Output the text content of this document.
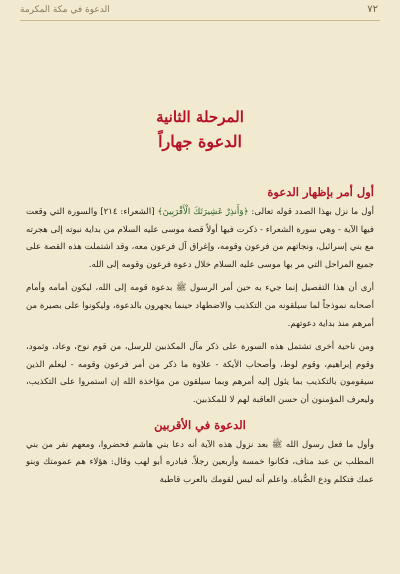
٧٢
الدعوة في مكة المكرمة
المرحلة الثانية
الدعوة جهاراً
أول أمر بإظهار الدعوة

أول ما نزل بهذا الصدد قوله تعالى: ﴿وَأَنذِرْ عَشِيرَتَكَ الْأَقْرَبِينَ﴾ [الشعراء: ٢١٤] والسورة التي وقعت فيها الآية - وهي سورة الشعراء - ذكرت فيها أولاً قصة موسى عليه السلام من بداية نبوته إلى هجرته مع بني إسرائيل، ونجاتهم من فرعون وقومه، وإغراق آل فرعون معه، وقد اشتملت هذه القصة على جميع المراحل التي مر بها موسى عليه السلام خلال دعوة فرعون وقومه إلى الله.

أرى أن هذا التفصيل إنما جيء به حين أمر الرسول ﷺ بدعوة قومه إلى الله، ليكون أمامه وأمام أصحابه نموذجاً لما سيلقونه من التكذيب والاضطهاد حينما يجهرون بالدعوة، وليكونوا على بصيرة من أمرهم منذ بداية دعوتهم.

ومن ناحية أخرى تشتمل هذه السورة على ذكر مآل المكذبين للرسل، من قوم نوح، وعاد، وثمود، وقوم إبراهيم، وقوم لوط، وأصحاب الأيكة - علاوة ما ذكر من أمر فرعون وقومه - ليعلم الذين سيقومون بالتكذيب بما يئول إليه أمرهم وبما سيلقون من مؤاخذة الله إن استمروا على التكذيب، وليعرف المؤمنون أن حسن العاقبة لهم لا للمكذبين.

الدعوة في الأقربين

وأول ما فعل رسول الله ﷺ بعد نزول هذه الآية أنه دعا بني هاشم فحضروا، ومعهم نفر من بني المطلب بن عبد مناف، فكانوا خمسة وأربعين رجلاً. فبادره أبو لهب وقال: هؤلاء هم عمومتك وبنو عمك فتكلم ودع الصُّباة. واعلم أنه ليس لقومك بالعرب قاطبة
